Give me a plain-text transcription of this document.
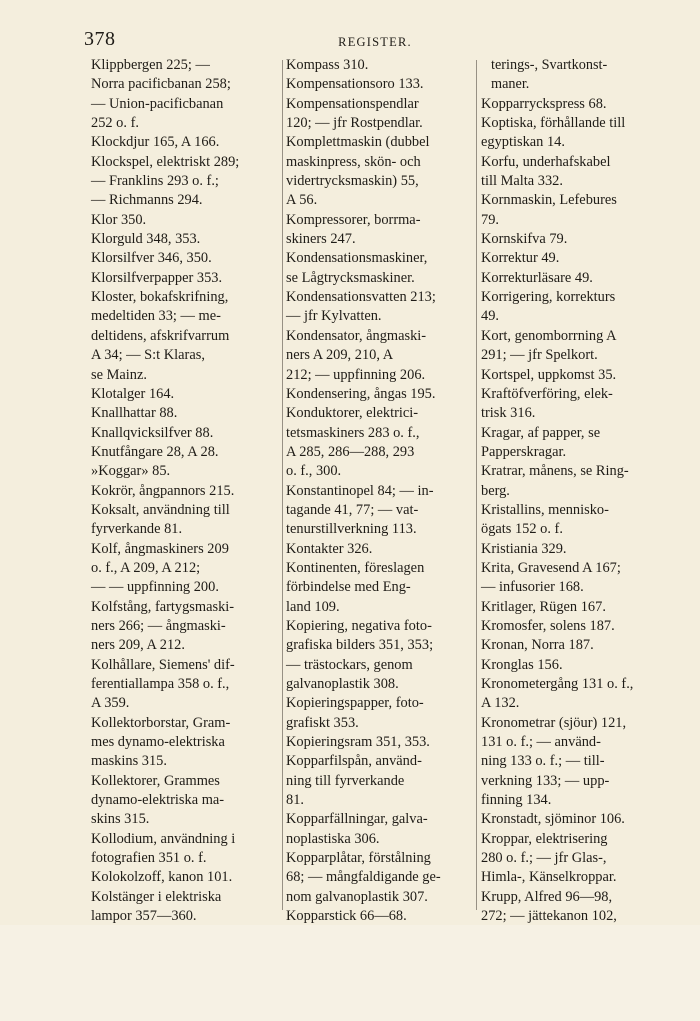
378	REGISTER.

Klippbergen 225; —
Norra pacificbanan 258;
— Union-pacificbanan
252 o. f.

Klockdjur 165, A 166.

Klockspel, elektriskt 289;
— Franklins 293 o. f.;
— Richmanns 294.

Klor 350.

Klorguld 348, 353.

Klorsilfver 346, 350.

Klorsilfverpapper 353.

Kloster, bokafskrifning,
medeltiden 33; — me-
deltidens, afskrifvarrum
A 34; — S:t Klaras,
se Mainz.

Klotalger 164.

Knallhattar 88.

Knallqvicksilfver 88.

Knutfångare 28, A 28.

»Koggar» 85.

Kokrör, ångpannors 215.

Koksalt, användning till
fyrverkande 81.

Kolf, ångmaskiners 209
o. f., A 209, A 212;
— — uppfinning 200.

Kolfstång, fartygsmaski-
ners 266; — ångmaski-
ners 209, A 212.

Kolhållare, Siemens' dif-
ferentiallampa 358 o. f.,
A 359.

Kollektorborstar, Gram-
mes dynamo-elektriska
maskins 315.

Kollektorer, Grammes
dynamo-elektriska ma-
skins 315.

Kollodium, användning i
fotografien 351 o. f.

Kolokolzoff, kanon 101.

Kolstänger i elektriska
lampor 357—360.

Kompass 310.

Kompensationsoro 133.

Kompensationspendlar
120; — jfr Rostpendlar.

Komplettmaskin (dubbel
maskinpress, skön- och
vidertrycksmaskin) 55,
A 56.

Kompressorer, borrma-
skiners 247.

Kondensationsmaskiner,
se Lågtrycksmaskiner.

Kondensationsvatten 213;
— jfr Kylvatten.

Kondensator, ångmaski-
ners A 209, 210, A
212; — uppfinning 206.

Kondensering, ångas 195.

Konduktorer, elektrici-
tetsmaskiners 283 o. f.,
A 285, 286—288, 293
o. f., 300.

Konstantinopel 84; — in-
tagande 41, 77; — vat-
tenurstillverkning 113.

Kontakter 326.

Kontinenten, föreslagen
förbindelse med Eng-
land 109.

Kopiering, negativa foto-
grafiska bilders 351, 353;
— trästockars, genom
galvanoplastik 308.

Kopieringspapper, foto-
grafiskt 353.

Kopieringsram 351, 353.

Kopparfilspån, använd-
ning till fyrverkande
81.

Kopparfällningar, galva-
noplastiska 306.

Kopparplåtar, förstålning
68; — mångfaldigande ge-
nom galvanoplastik 307.

Kopparstick 66—68.

terings-, Svartkonst-
maner.

Kopparryckspress 68.

Koptiska, förhållande till
egyptiskan 14.

Korfu, underhafskabel
till Malta 332.

Kornmaskin, Lefebures
79.

Kornskifva 79.

Korrektur 49.

Korrekturläsare 49.

Korrigering, korrekturs
49.

Kort, genomborrning A
291; — jfr Spelkort.

Kortspel, uppkomst 35.

Kraftöfverföring, elek-
trisk 316.

Kragar, af papper, se
Papperskragar.

Kratrar, månens, se Ring-
berg.

Kristallins, mennisko-
ögats 152 o. f.

Kristiania 329.

Krita, Gravesend A 167;
— infusorier 168.

Kritlager, Rügen 167.

Kromosfer, solens 187.

Kronan, Norra 187.

Kronglas 156.

Kronometergång 131 o. f.,
A 132.

Kronometrar (sjöur) 121,
131 o. f.; — använd-
ning 133 o. f.; — till-
verkning 133; — upp-
finning 134.

Kronstadt, sjöminor 106.

Kroppar, elektrisering
280 o. f.; — jfr Glas-,
Himla-, Känselkroppar.

Krupp, Alfred 96—98,
272; — jättekanon 102,
